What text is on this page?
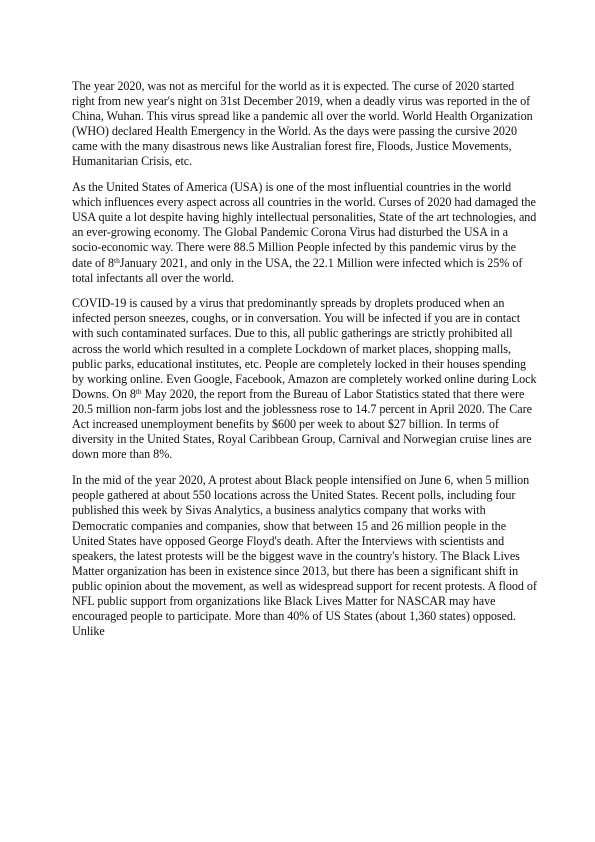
The year 2020, was not as merciful for the world as it is expected. The curse of 2020 started right from new year's night on 31st December 2019, when a deadly virus was reported in the of China, Wuhan. This virus spread like a pandemic all over the world. World Health Organization (WHO) declared Health Emergency in the World. As the days were passing the cursive 2020 came with the many disastrous news like Australian forest fire, Floods, Justice Movements, Humanitarian Crisis, etc.

As the United States of America (USA) is one of the most influential countries in the world which influences every aspect across all countries in the world. Curses of 2020 had damaged the USA quite a lot despite having highly intellectual personalities, State of the art technologies, and an ever-growing economy. The Global Pandemic Corona Virus had disturbed the USA in a socio-economic way. There were 88.5 Million People infected by this pandemic virus by the date of 8thJanuary 2021, and only in the USA, the 22.1 Million were infected which is 25% of total infectants all over the world.

COVID-19 is caused by a virus that predominantly spreads by droplets produced when an infected person sneezes, coughs, or in conversation. You will be infected if you are in contact with such contaminated surfaces. Due to this, all public gatherings are strictly prohibited all across the world which resulted in a complete Lockdown of market places, shopping malls, public parks, educational institutes, etc. People are completely locked in their houses spending by working online. Even Google, Facebook, Amazon are completely worked online during Lock Downs. On 8th May 2020, the report from the Bureau of Labor Statistics stated that there were 20.5 million non-farm jobs lost and the joblessness rose to 14.7 percent in April 2020. The Care Act increased unemployment benefits by $600 per week to about $27 billion. In terms of diversity in the United States, Royal Caribbean Group, Carnival and Norwegian cruise lines are down more than 8%.

In the mid of the year 2020, A protest about Black people intensified on June 6, when 5 million people gathered at about 550 locations across the United States. Recent polls, including four published this week by Sivas Analytics, a business analytics company that works with Democratic companies and companies, show that between 15 and 26 million people in the United States have opposed George Floyd's death. After the Interviews with scientists and speakers, the latest protests will be the biggest wave in the country's history. The Black Lives Matter organization has been in existence since 2013, but there has been a significant shift in public opinion about the movement, as well as widespread support for recent protests. A flood of NFL public support from organizations like Black Lives Matter for NASCAR may have encouraged people to participate. More than 40% of US States (about 1,360 states) opposed. Unlike
